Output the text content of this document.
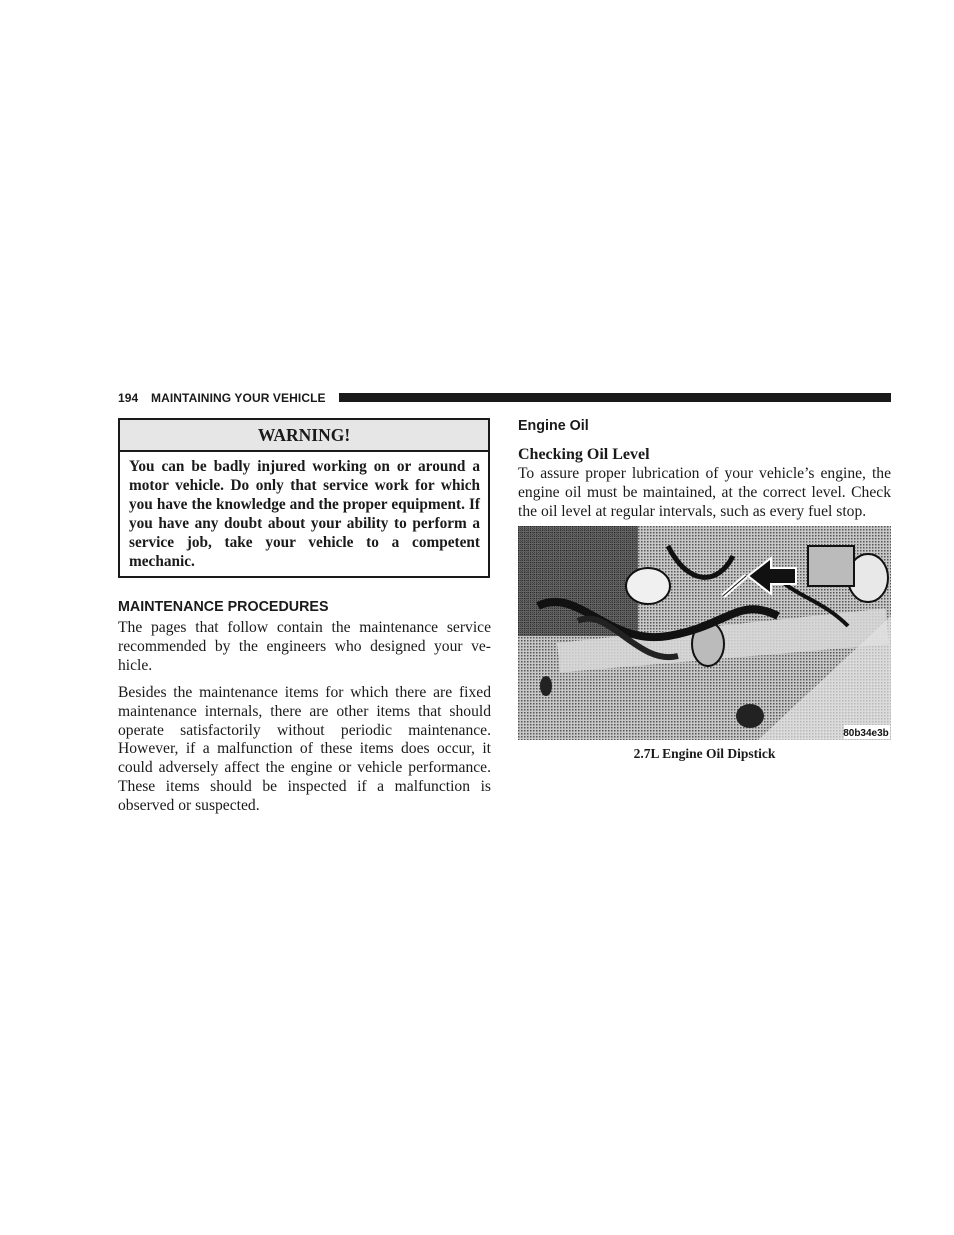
194 MAINTAINING YOUR VEHICLE
WARNING!
You can be badly injured working on or around a motor vehicle. Do only that service work for which you have the knowledge and the proper equipment. If you have any doubt about your ability to perform a service job, take your vehicle to a competent mechanic.
MAINTENANCE PROCEDURES
The pages that follow contain the maintenance service recommended by the engineers who designed your ve-hicle.
Besides the maintenance items for which there are fixed maintenance internals, there are other items that should operate satisfactorily without periodic maintenance. However, if a malfunction of these items does occur, it could adversely affect the engine or vehicle performance. These items should be inspected if a malfunction is observed or suspected.
Engine Oil
Checking Oil Level
To assure proper lubrication of your vehicle’s engine, the engine oil must be maintained, at the correct level. Check the oil level at regular intervals, such as every fuel stop.
80b34e3b
2.7L Engine Oil Dipstick
